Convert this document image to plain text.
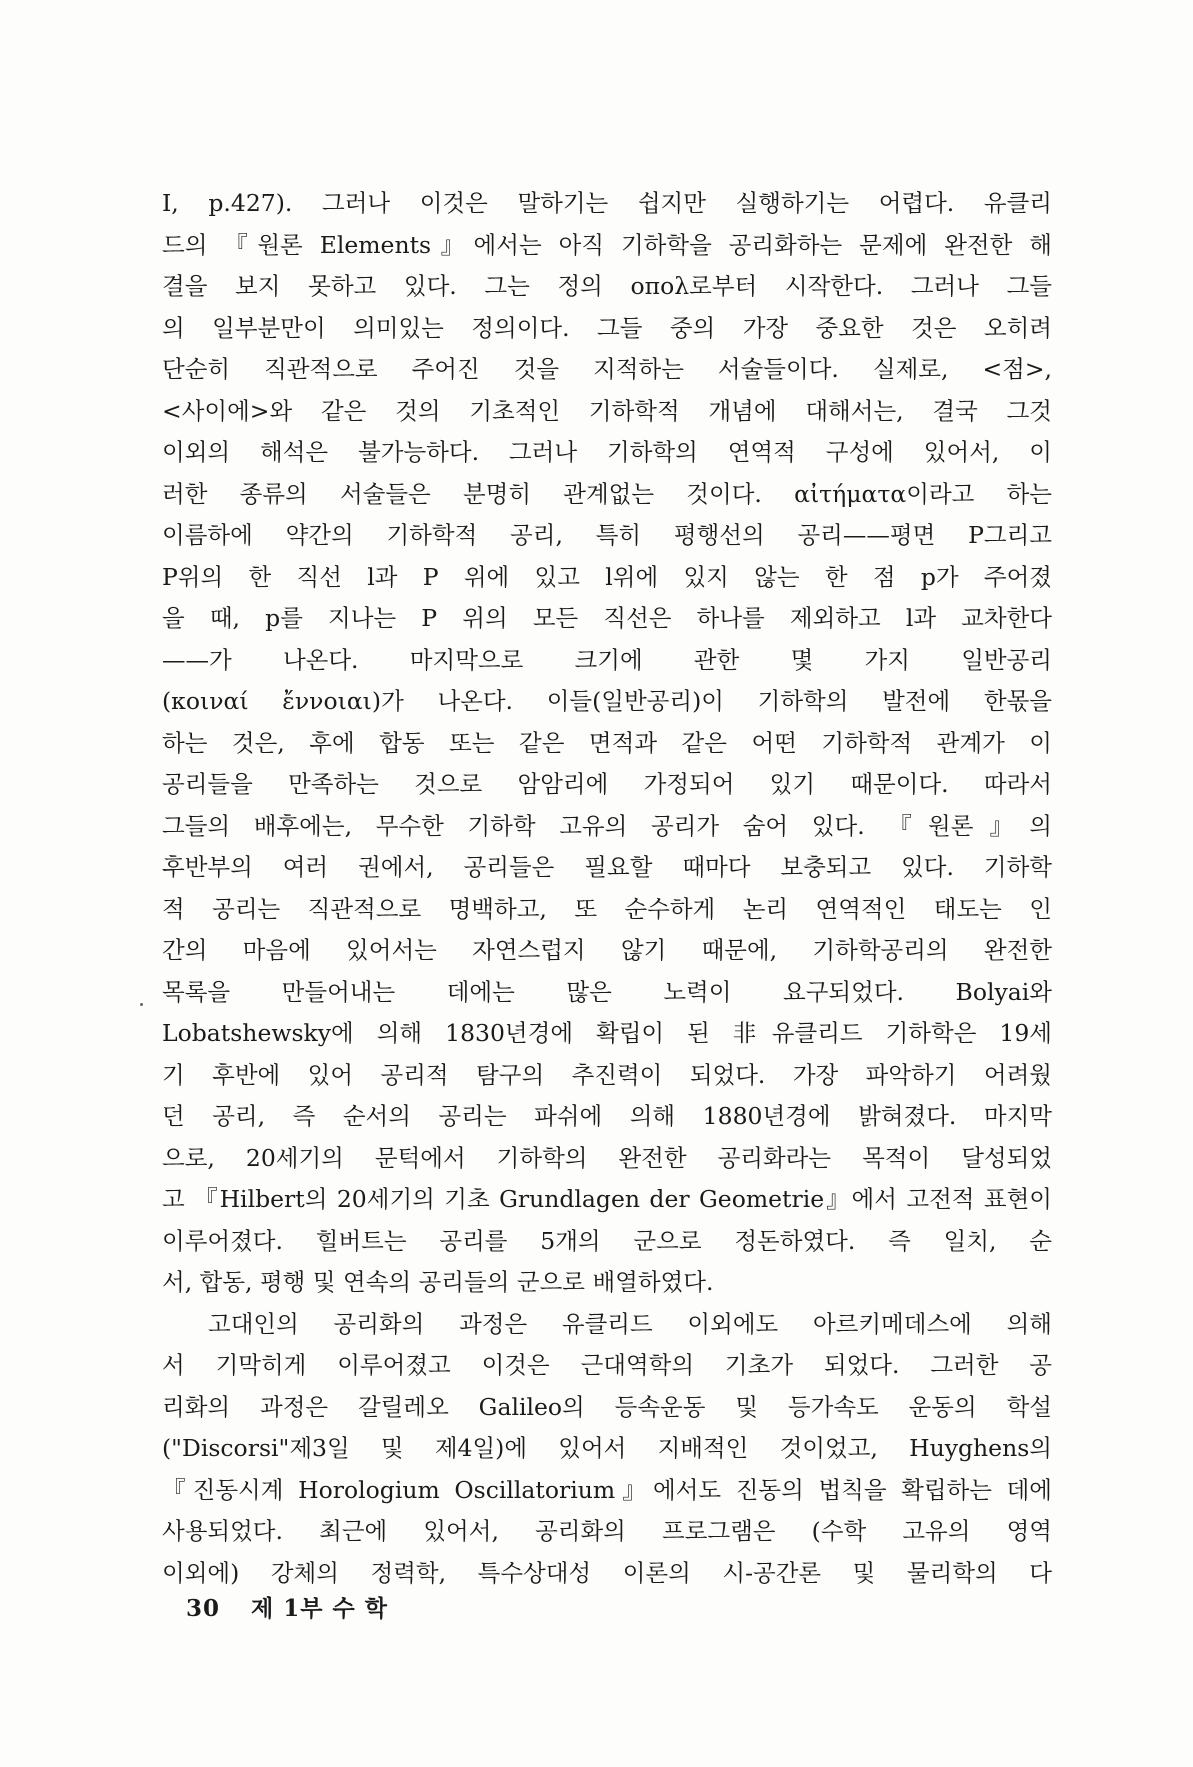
I, p.427). 그러나 이것은 말하기는 쉽지만 실행하기는 어렵다. 유클리
드의 『원론 Elements』에서는 아직 기하학을 공리화하는 문제에 완전한 해
결을 보지 못하고 있다. 그는 정의 οπολ로부터 시작한다. 그러나 그들
의 일부분만이 의미있는 정의이다. 그들 중의 가장 중요한 것은 오히려
단순히 직관적으로 주어진 것을 지적하는 서술들이다. 실제로, <점>,
<사이에>와 같은 것의 기초적인 기하학적 개념에 대해서는, 결국 그것
이외의 해석은 불가능하다. 그러나 기하학의 연역적 구성에 있어서, 이
러한 종류의 서술들은 분명히 관계없는 것이다. αἰτήματα이라고 하는
이름하에 약간의 기하학적 공리, 특히 평행선의 공리——평면 P그리고
P위의 한 직선 l과 P 위에 있고 l위에 있지 않는 한 점 p가 주어졌
을 때, p를 지나는 P 위의 모든 직선은 하나를 제외하고 l과 교차한다
——가 나온다. 마지막으로 크기에 관한 몇 가지 일반공리
(κοιναί ἔννοιαι)가 나온다. 이들(일반공리)이 기하학의 발전에 한몫을
하는 것은, 후에 합동 또는 같은 면적과 같은 어떤 기하학적 관계가 이
공리들을 만족하는 것으로 암암리에 가정되어 있기 때문이다. 따라서
그들의 배후에는, 무수한 기하학 고유의 공리가 숨어 있다. 『원론』의
후반부의 여러 권에서, 공리들은 필요할 때마다 보충되고 있다. 기하학
적 공리는 직관적으로 명백하고, 또 순수하게 논리 연역적인 태도는 인
간의 마음에 있어서는 자연스럽지 않기 때문에, 기하학공리의 완전한
목록을 만들어내는 데에는 많은 노력이 요구되었다. Bolyai와
Lobatshewsky에 의해 1830년경에 확립이 된 非유클리드 기하학은 19세
기 후반에 있어 공리적 탐구의 추진력이 되었다. 가장 파악하기 어려웠
던 공리, 즉 순서의 공리는 파쉬에 의해 1880년경에 밝혀졌다. 마지막
으로, 20세기의 문턱에서 기하학의 완전한 공리화라는 목적이 달성되었
고 『Hilbert의 20세기의 기초 Grundlagen der Geometrie』에서 고전적 표현이
이루어졌다. 힐버트는 공리를 5개의 군으로 정돈하였다. 즉 일치, 순
서, 합동, 평행 및 연속의 공리들의 군으로 배열하였다.
고대인의 공리화의 과정은 유클리드 이외에도 아르키메데스에 의해
서 기막히게 이루어졌고 이것은 근대역학의 기초가 되었다. 그러한 공
리화의 과정은 갈릴레오 Galileo의 등속운동 및 등가속도 운동의 학설
("Discorsi"제3일 및 제4일)에 있어서 지배적인 것이었고, Huyghens의
『진동시계 Horologium Oscillatorium』에서도 진동의 법칙을 확립하는 데에
사용되었다. 최근에 있어서, 공리화의 프로그램은 (수학 고유의 영역
이외에) 강체의 정력학, 특수상대성 이론의 시-공간론 및 물리학의 다
30 제 1부 수 학
